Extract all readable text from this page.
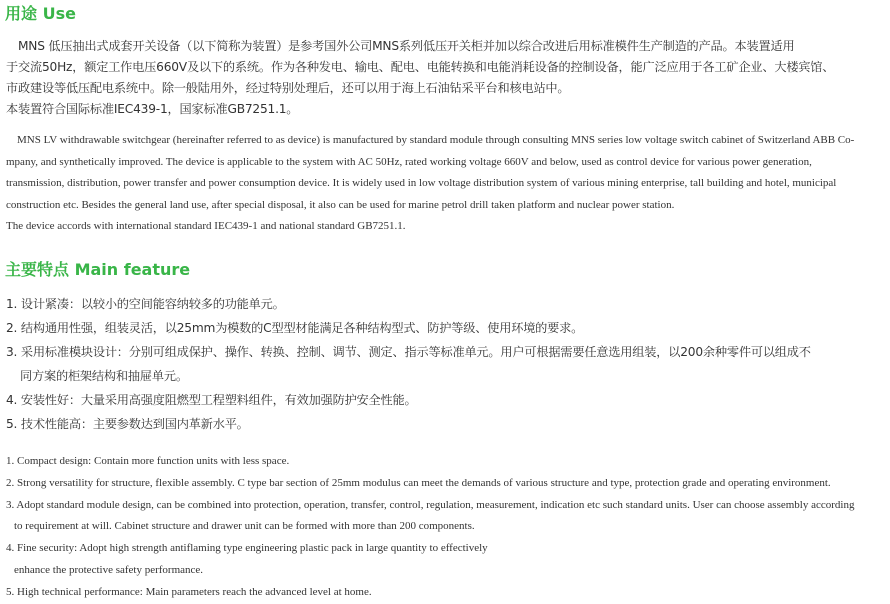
用途 Use
　MNS 低压抽出式成套开关设备（以下简称为装置）是参考国外公司MNS系列低压开关柜并加以综合改进后用标准模件生产制造的产品。本装置适用
于交流50Hz，额定工作电压660V及以下的系统。作为各种发电、输电、配电、电能转换和电能消耗设备的控制设备，能广泛应用于各工矿企业、大楼宾馆、
市政建设等低压配电系统中。除一般陆用外，经过特别处理后，还可以用于海上石油钻采平台和核电站中。
本装置符合国际标准IEC439-1，国家标准GB7251.1。
　MNS LV withdrawable switchgear (hereinafter referred to as device) is manufactured by standard module through consulting MNS series low voltage switch cabinet of Switzerland ABB Co-
mpany, and synthetically improved. The device is applicable to the system with AC 50Hz, rated working voltage 660V and below, used as control device for various power generation,
transmission, distribution, power transfer and power consumption device. It is widely used in low voltage distribution system of various mining enterprise, tall building and hotel, municipal
construction etc. Besides the general land use, after special disposal, it also can be used for marine petrol drill taken platform and nuclear power station.
The device accords with international standard IEC439-1 and national standard GB7251.1.
主要特点 Main feature
1. 设计紧凑：以较小的空间能容纳较多的功能单元。
2. 结构通用性强，组装灵活，以25mm为模数的C型型材能满足各种结构型式、防护等级、使用环境的要求。
3. 采用标准模块设计：分别可组成保护、操作、转换、控制、调节、测定、指示等标准单元。用户可根据需要任意选用组装，以200余种零件可以组成不
同方案的柜架结构和抽屉单元。
4. 安装性好：大量采用高强度阻燃型工程塑料组件，有效加强防护安全性能。
5. 技术性能高：主要参数达到国内革新水平。
1. Compact design: Contain more function units with less space.
2. Strong versatility for structure, flexible assembly. C type bar section of 25mm modulus can meet the demands of various structure and type, protection grade and operating environment.
3. Adopt standard module design, can be combined into protection, operation, transfer, control, regulation, measurement, indication etc such standard units. User can choose assembly according
to requirement at will. Cabinet structure and drawer unit can be formed with more than 200 components.
4. Fine security: Adopt high strength antiflaming type engineering plastic pack in large quantity to effectively
enhance the protective safety performance.
5. High technical performance: Main parameters reach the advanced level at home.
